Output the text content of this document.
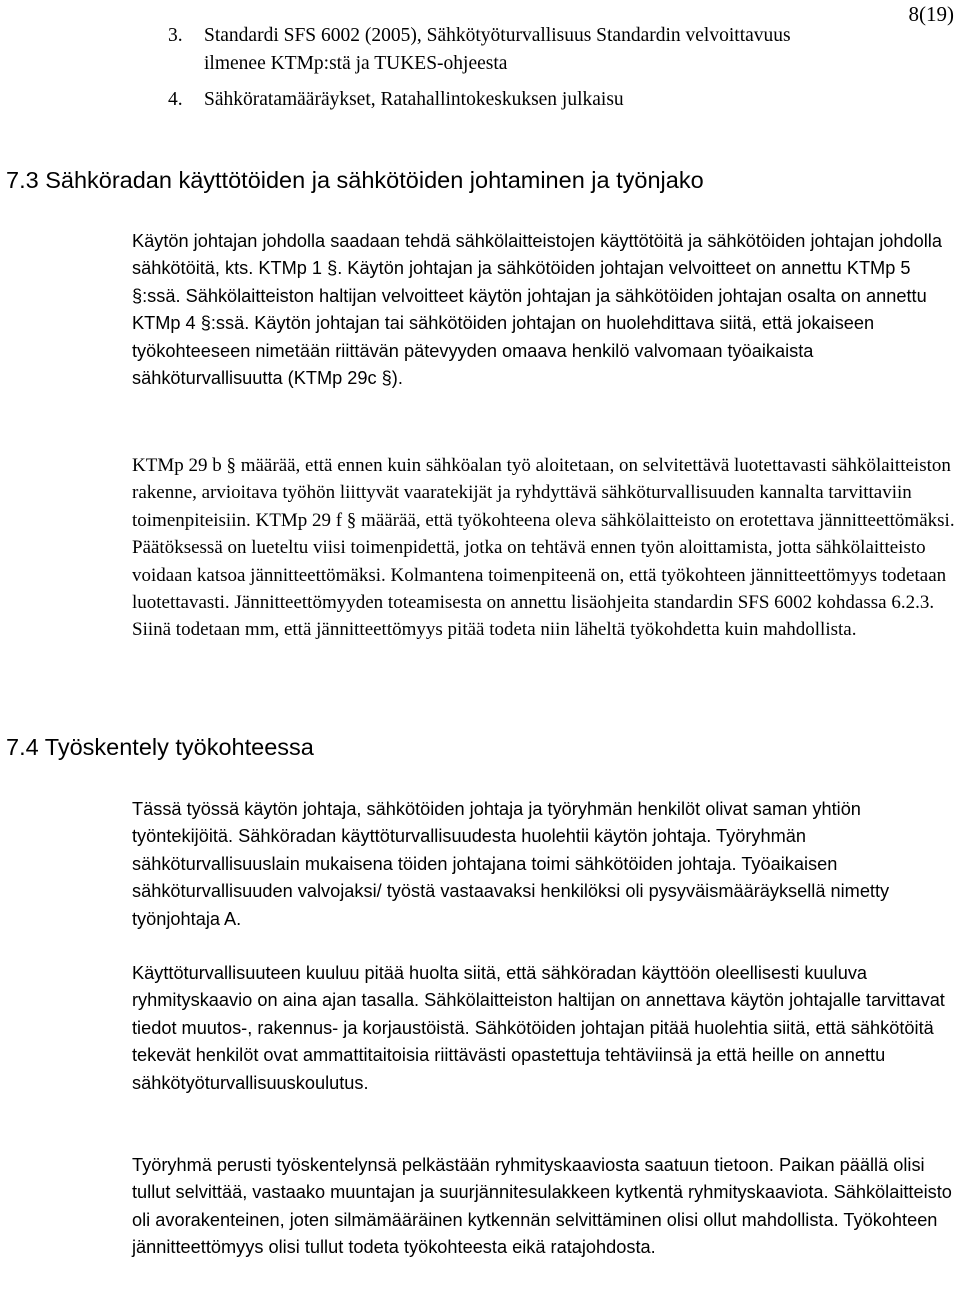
8(19)
3.	Standardi SFS 6002 (2005), Sähkötyöturvallisuus Standardin velvoittavuus ilmenee KTMp:stä ja TUKES-ohjeesta
4.	Sähköratamääräykset, Ratahallintokeskuksen julkaisu
7.3 Sähköradan käyttötöiden ja sähkötöiden johtaminen ja työnjako

Käytön johtajan johdolla saadaan tehdä sähkölaitteistojen käyttötöitä ja sähkötöiden johtajan johdolla sähkötöitä, kts. KTMp 1 §. Käytön johtajan ja sähkötöiden johtajan velvoitteet on annettu KTMp 5 §:ssä. Sähkölaitteiston haltijan velvoitteet käytön johtajan ja sähkötöiden johtajan osalta on annettu KTMp 4 §:ssä. Käytön johtajan tai sähkötöiden johtajan on huolehdittava siitä, että jokaiseen työkohteeseen nimetään riittävän pätevyyden omaava henkilö valvomaan työaikaista sähköturvallisuutta (KTMp 29c §).

KTMp 29 b § määrää, että ennen kuin sähköalan työ aloitetaan, on selvitettävä luotettavasti sähkölaitteiston rakenne, arvioitava työhön liittyvät vaaratekijät ja ryhdyttävä sähköturvallisuuden kannalta tarvittaviin toimenpiteisiin. KTMp 29 f § määrää, että työkohteena oleva sähkölaitteisto on erotettava jännitteettömäksi. Päätöksessä on lueteltu viisi toimenpidettä, jotka on tehtävä ennen työn aloittamista, jotta sähkölaitteisto voidaan katsoa jännitteettömäksi. Kolmantena toimenpiteenä on, että työkohteen jännitteettömyys todetaan luotettavasti. Jännitteettömyyden toteamisesta on annettu lisäohjeita standardin SFS 6002 kohdassa 6.2.3. Siinä todetaan mm, että jännitteettömyys pitää todeta niin läheltä työkohdetta kuin mahdollista.

7.4 Työskentely työkohteessa

Tässä työssä käytön johtaja, sähkötöiden johtaja ja työryhmän henkilöt olivat saman yhtiön työntekijöitä. Sähköradan käyttöturvallisuudesta huolehtii käytön johtaja. Työryhmän sähköturvallisuuslain mukaisena töiden johtajana toimi sähkötöiden johtaja. Työaikaisen sähköturvallisuuden valvojaksi/ työstä vastaavaksi henkilöksi oli pysyväismääräyksellä nimetty työnjohtaja A.

Käyttöturvallisuuteen kuuluu pitää huolta siitä, että sähköradan käyttöön oleellisesti kuuluva ryhmityskaavio on aina ajan tasalla. Sähkölaitteiston haltijan on annettava käytön johtajalle tarvittavat tiedot muutos-, rakennus- ja korjaustöistä. Sähkötöiden johtajan pitää huolehtia siitä, että sähkötöitä tekevät henkilöt ovat ammattitaitoisia riittävästi opastettuja tehtäviinsä ja että heille on annettu sähkötyöturvallisuuskoulutus.

Työryhmä perusti työskentelynsä pelkästään ryhmityskaaviosta saatuun tietoon. Paikan päällä olisi tullut selvittää, vastaako muuntajan ja suurjännitesulakkeen kytkentä ryhmityskaaviota. Sähkölaitteisto oli avorakenteinen, joten silmämääräinen kytkennän selvittäminen olisi ollut mahdollista. Työkohteen jännitteettömyys olisi tullut todeta työkohteesta eikä ratajohdosta.
